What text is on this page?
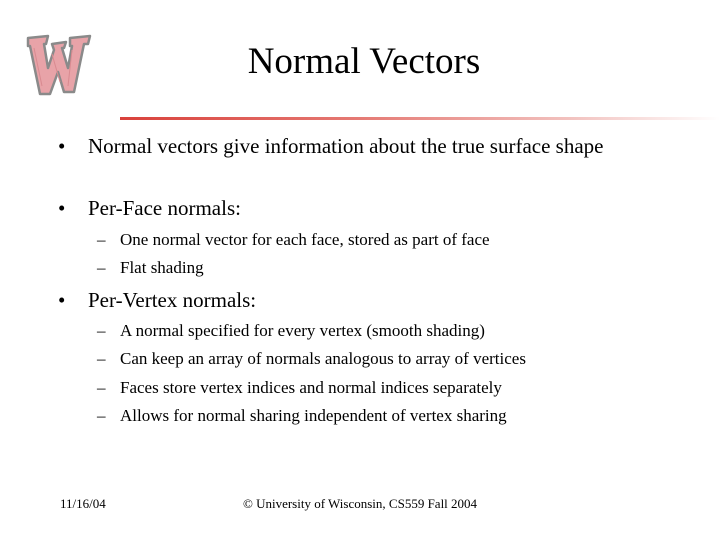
Normal Vectors
• Normal vectors give information about the true surface shape
• Per-Face normals:
– One normal vector for each face, stored as part of face
– Flat shading
• Per-Vertex normals:
– A normal specified for every vertex (smooth shading)
– Can keep an array of normals analogous to array of vertices
– Faces store vertex indices and normal indices separately
– Allows for normal sharing independent of vertex sharing
11/16/04	© University of Wisconsin, CS559 Fall 2004
